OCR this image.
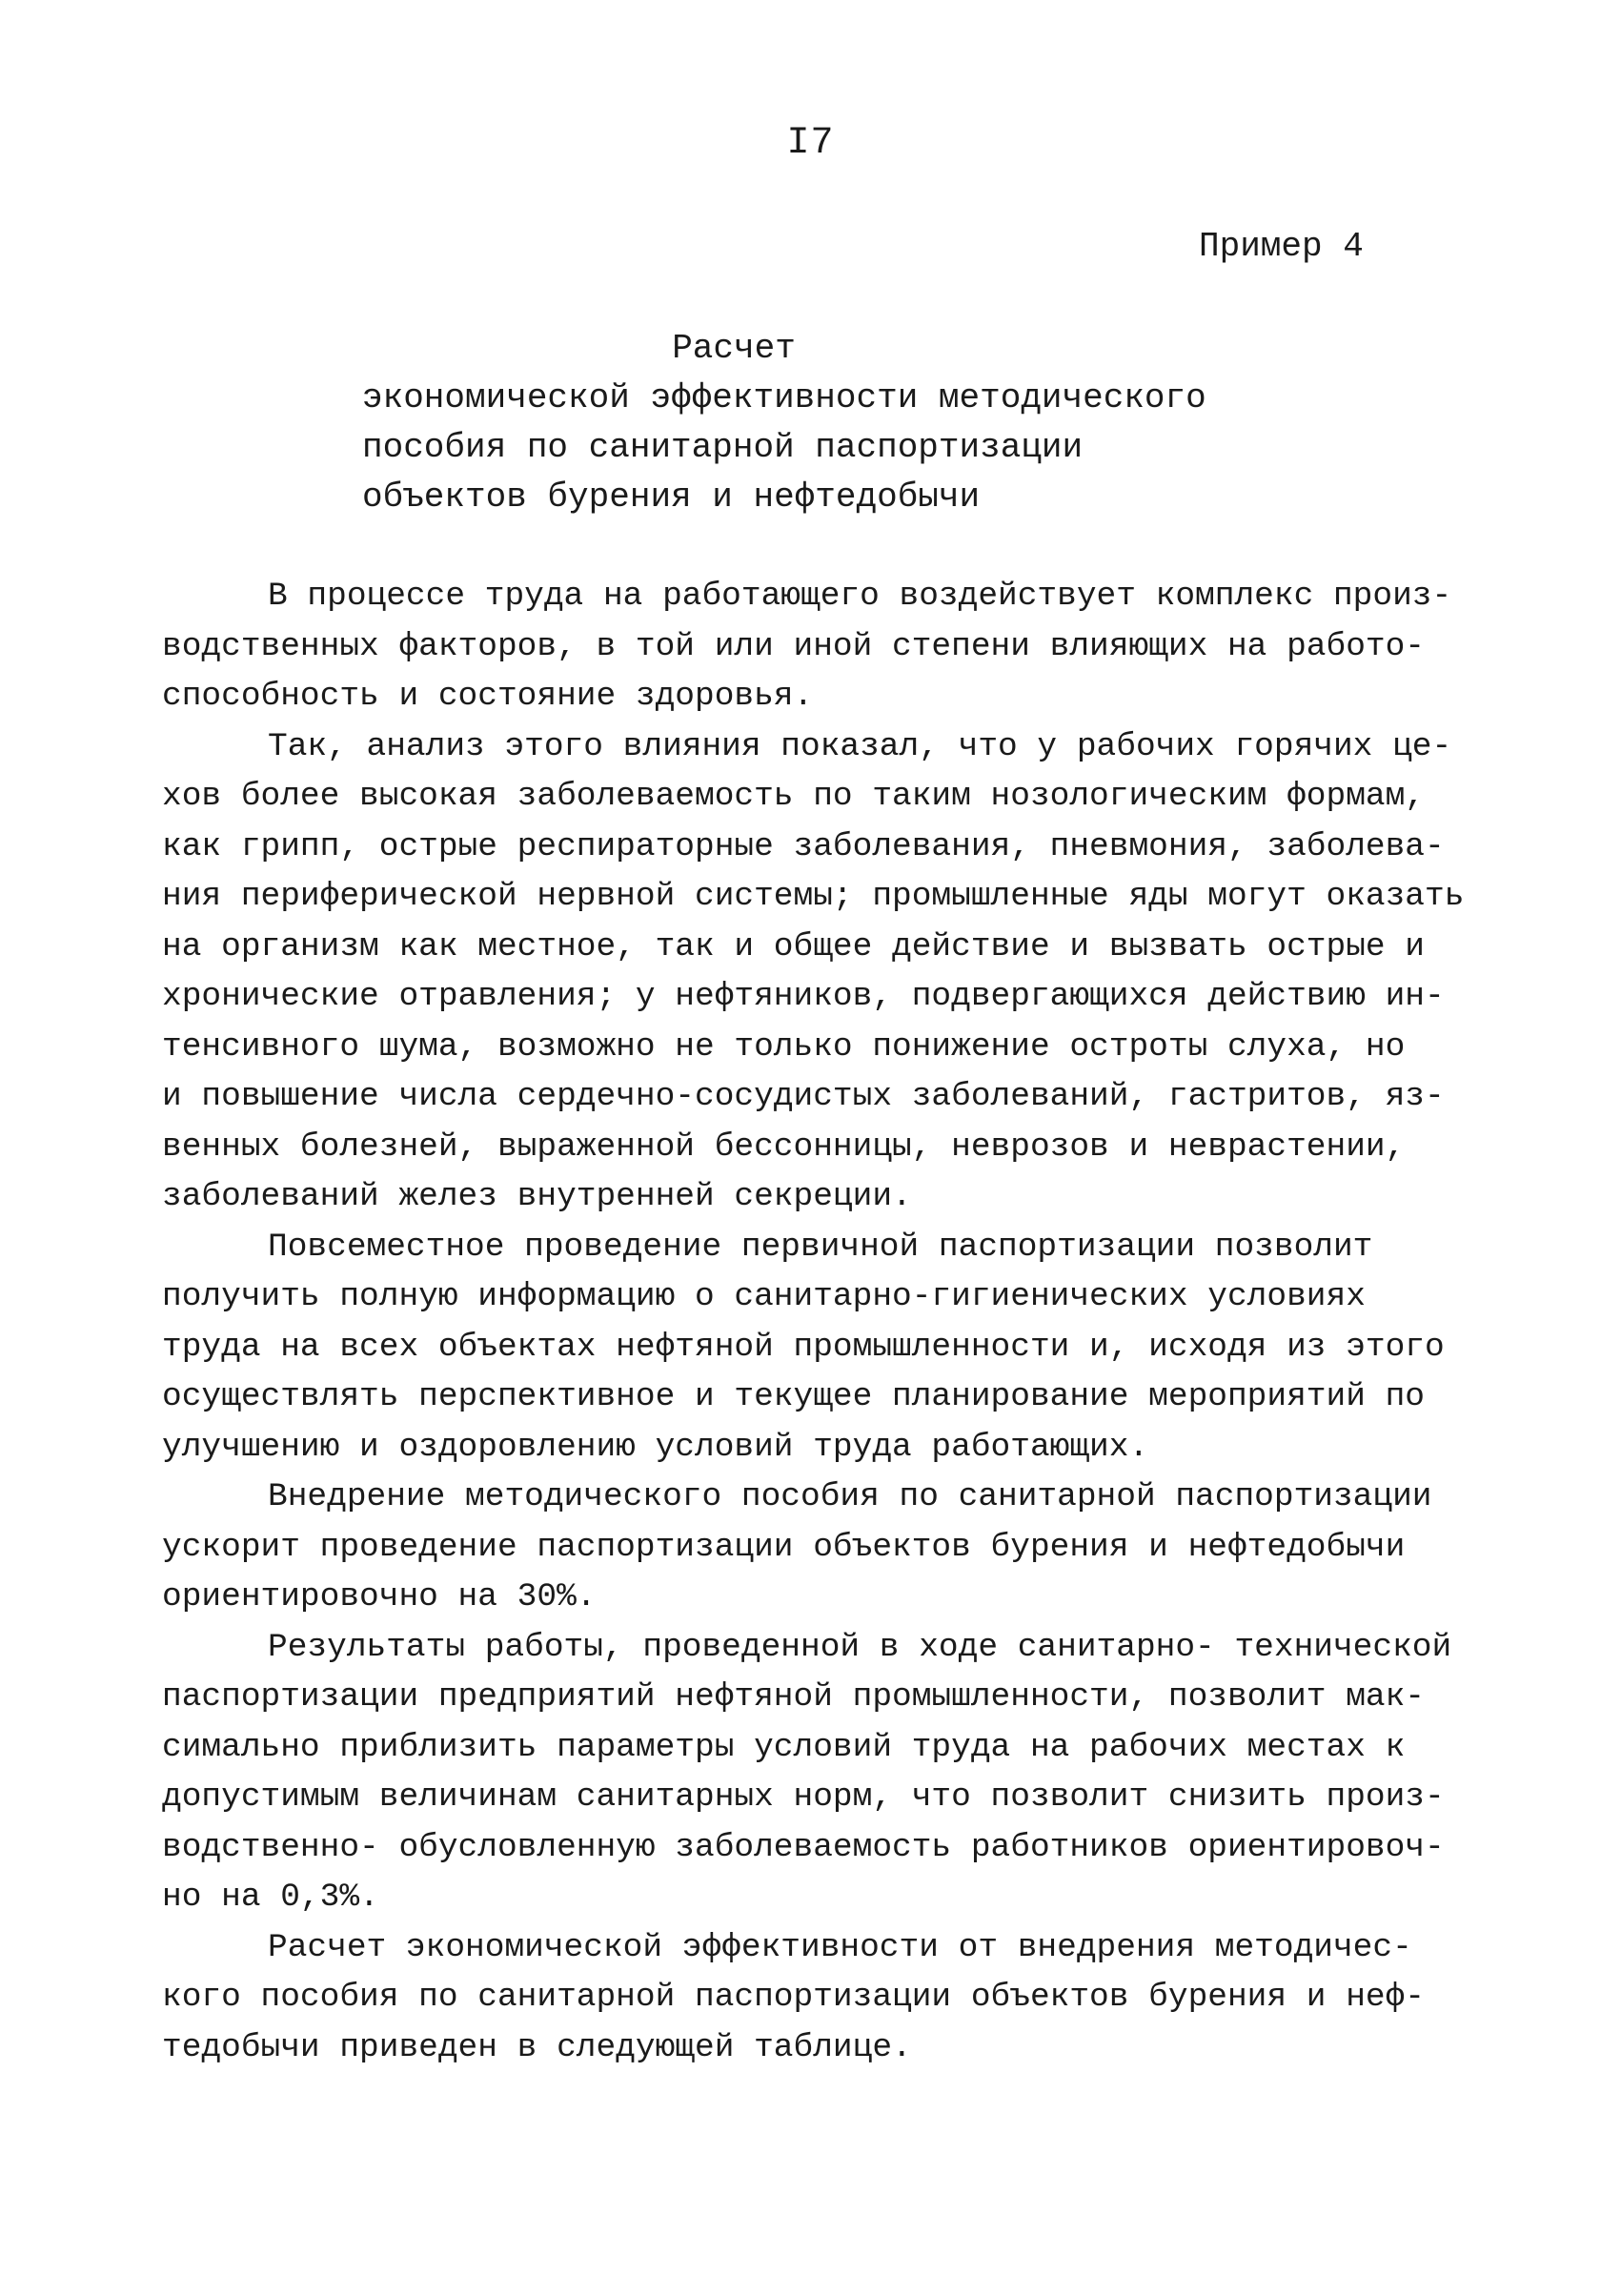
I7
Пример 4
Расчет
экономической эффективности методического
пособия по санитарной паспортизации
объектов бурения и нефтедобычи
В процессе труда на работающего воздействует комплекс произ-
водственных факторов, в той или иной степени влияющих на работо-
способность и состояние здоровья.
Так, анализ этого влияния показал, что у рабочих горячих це-
хов более высокая заболеваемость по таким нозологическим формам,
как грипп, острые респираторные заболевания, пневмония, заболева-
ния периферической нервной системы; промышленные яды могут оказать
на организм как местное, так и общее действие и вызвать острые и
хронические отравления; у нефтяников, подвергающихся действию ин-
тенсивного шума, возможно не только понижение остроты слуха, но
и повышение числа сердечно-сосудистых заболеваний, гастритов, яз-
венных болезней, выраженной бессонницы, неврозов и неврастении,
заболеваний желез внутренней секреции.
Повсеместное проведение первичной паспортизации позволит
получить полную информацию о санитарно-гигиенических условиях
труда на всех объектах нефтяной промышленности и, исходя из этого
осуществлять перспективное и текущее планирование мероприятий по
улучшению и оздоровлению условий труда работающих.
Внедрение методического пособия по санитарной паспортизации
ускорит проведение паспортизации объектов бурения и нефтедобычи
ориентировочно на 30%.
Результаты работы, проведенной в ходе санитарно- технической
паспортизации предприятий нефтяной промышленности, позволит мак-
симально приблизить параметры условий труда на рабочих местах к
допустимым величинам санитарных норм, что позволит снизить произ-
водственно- обусловленную заболеваемость работников ориентировоч-
но на 0,3%.
Расчет экономической эффективности от внедрения методичес-
кого пособия по санитарной паспортизации объектов бурения и неф-
тедобычи приведен в следующей таблице.
